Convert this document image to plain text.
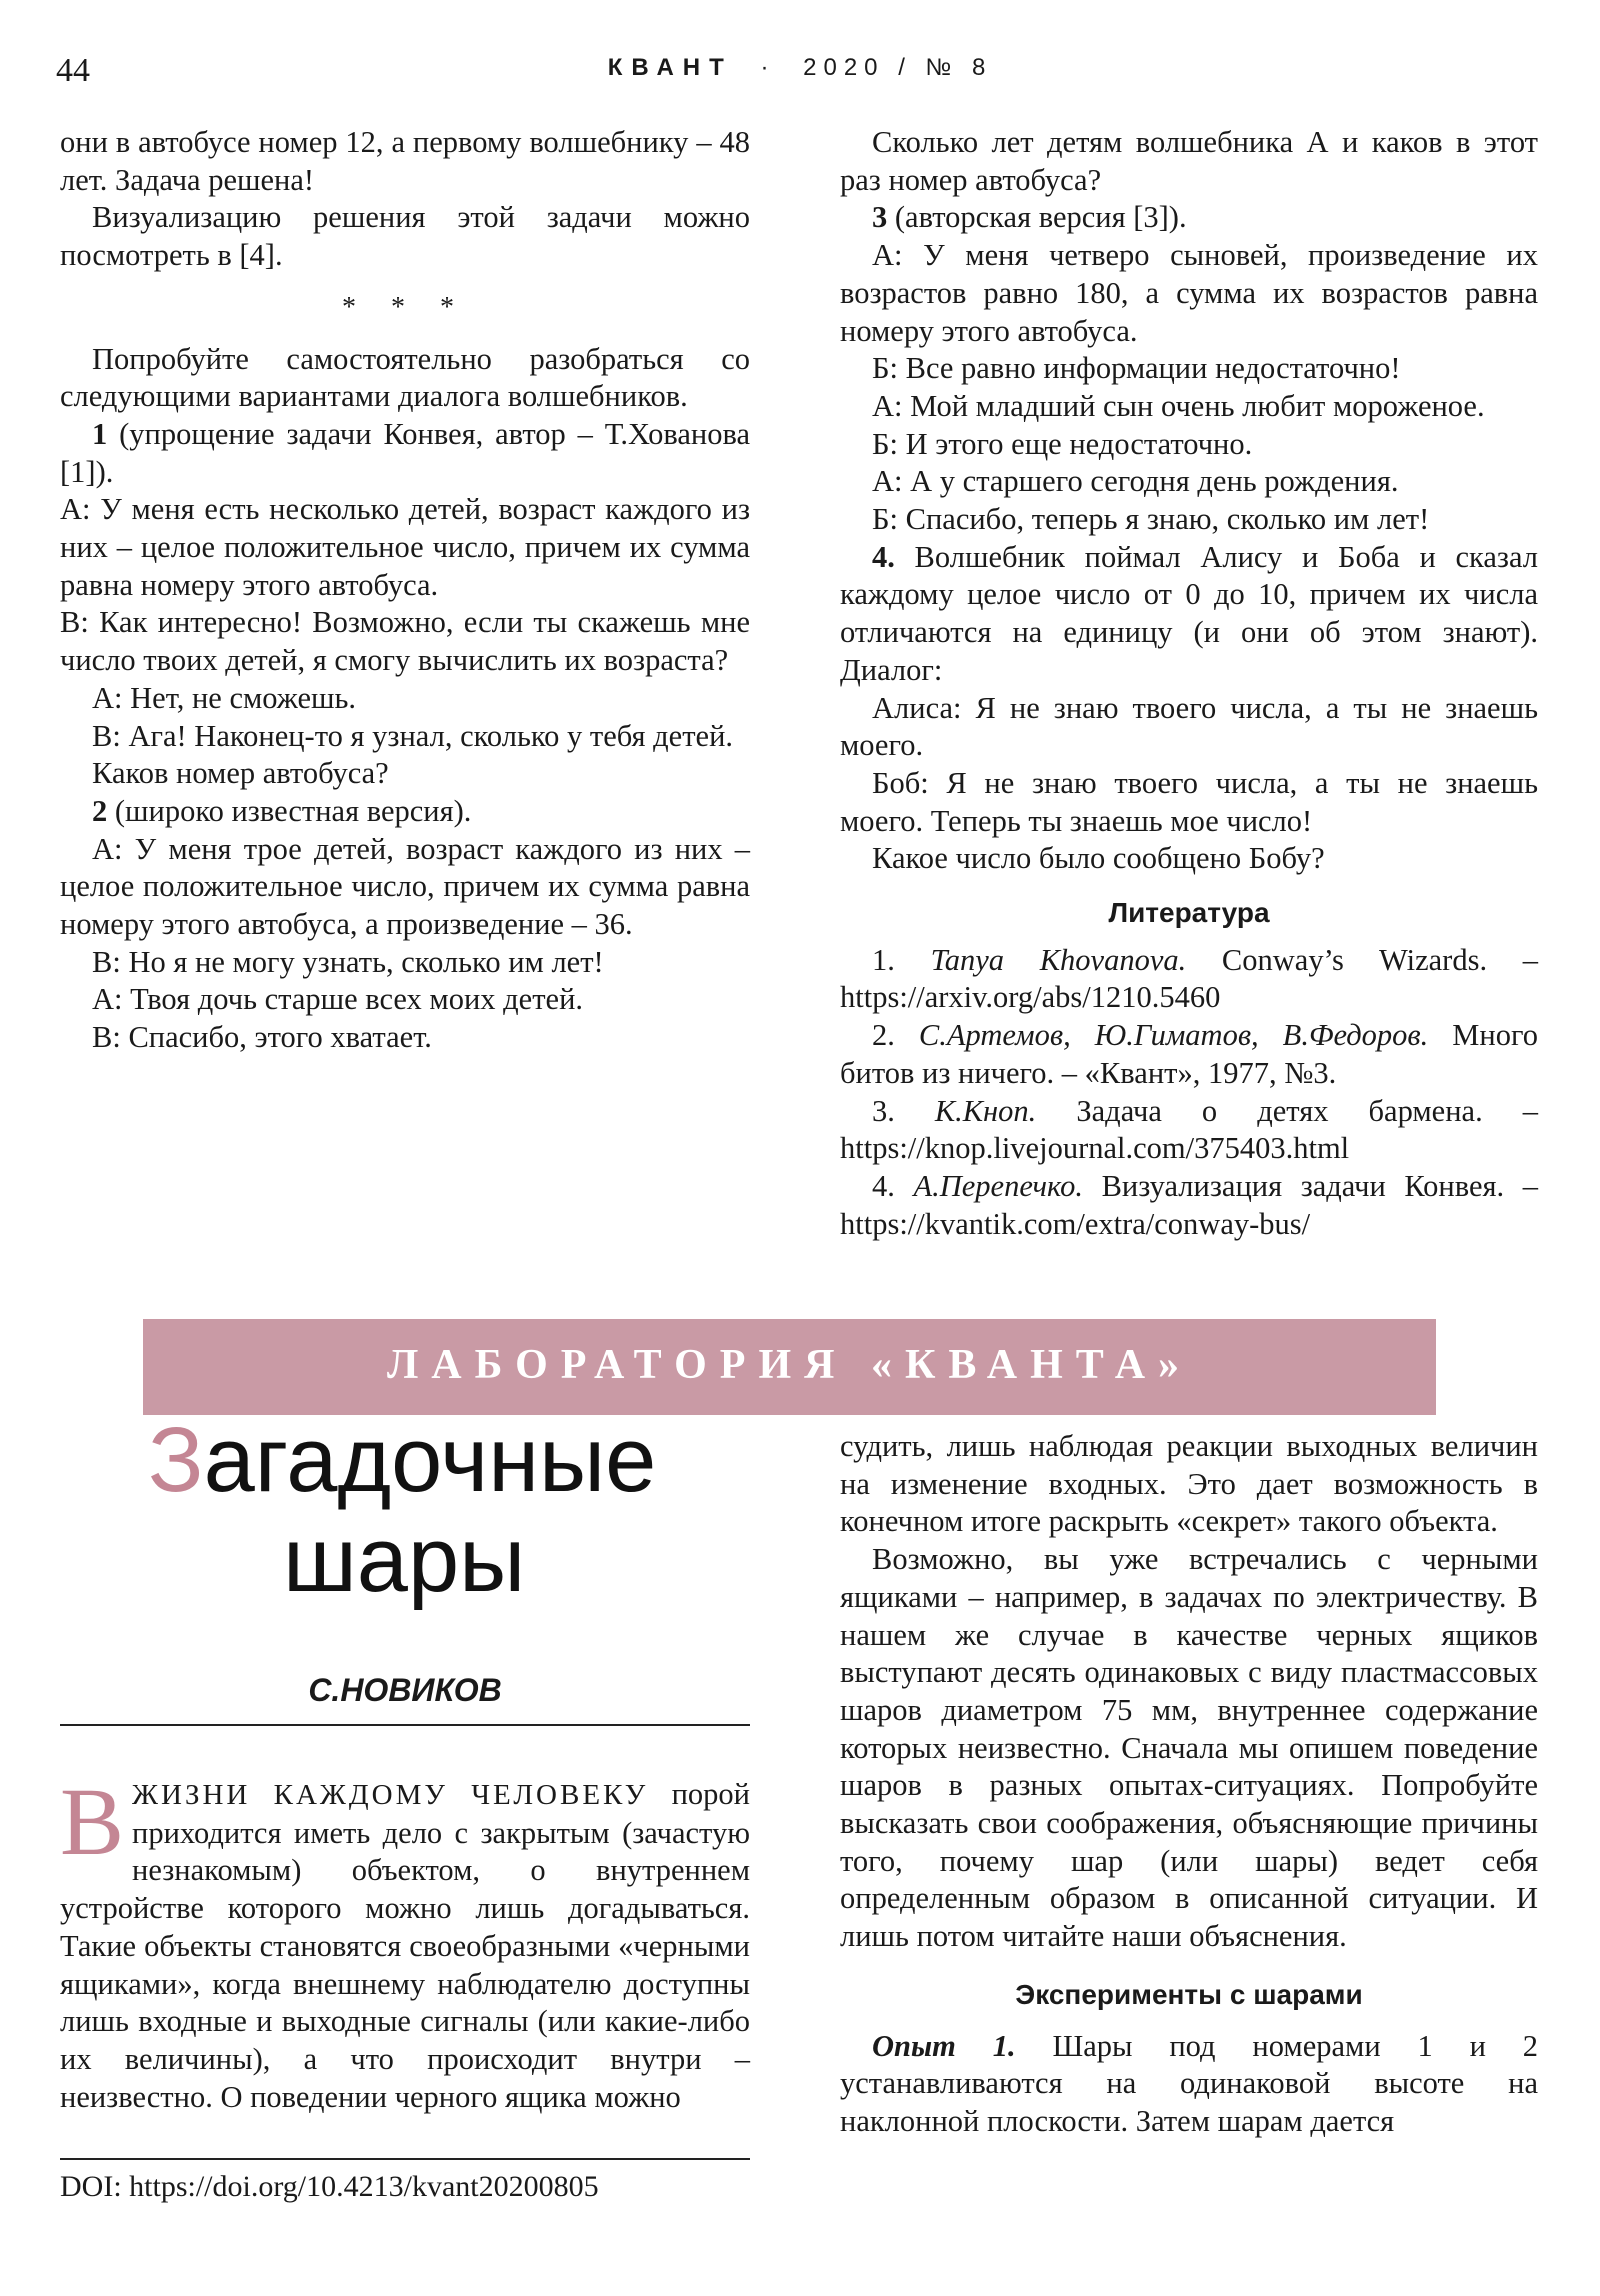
44	КВАНТ · 2020 / № 8

они в автобусе номер 12, а первому волшебнику – 48 лет. Задача решена!

Визуализацию решения этой задачи можно посмотреть в [4].

* * *

Попробуйте самостоятельно разобраться со следующими вариантами диалога волшебников.

1 (упрощение задачи Конвея, автор – Т.Хованова [1]).

А: У меня есть несколько детей, возраст каждого из них – целое положительное число, причем их сумма равна номеру этого автобуса.

В: Как интересно! Возможно, если ты скажешь мне число твоих детей, я смогу вычислить их возраста?

А: Нет, не сможешь.

В: Ага! Наконец-то я узнал, сколько у тебя детей.

Каков номер автобуса?

2 (широко известная версия).

А: У меня трое детей, возраст каждого из них – целое положительное число, причем их сумма равна номеру этого автобуса, а произведение – 36.

В: Но я не могу узнать, сколько им лет!

А: Твоя дочь старше всех моих детей.

В: Спасибо, этого хватает.

Сколько лет детям волшебника А и каков в этот раз номер автобуса?

3 (авторская версия [3]).

А: У меня четверо сыновей, произведение их возрастов равно 180, а сумма их возрастов равна номеру этого автобуса.

Б: Все равно информации недостаточно!

А: Мой младший сын очень любит мороженое.

Б: И этого еще недостаточно.

А: А у старшего сегодня день рождения.

Б: Спасибо, теперь я знаю, сколько им лет!

4. Волшебник поймал Алису и Боба и сказал каждому целое число от 0 до 10, причем их числа отличаются на единицу (и они об этом знают). Диалог:

Алиса: Я не знаю твоего числа, а ты не знаешь моего.

Боб: Я не знаю твоего числа, а ты не знаешь моего. Теперь ты знаешь мое число!

Какое число было сообщено Бобу?

Литература

1. Tanya Khovanova. Conway’s Wizards. – https://arxiv.org/abs/1210.5460

2. С.Артемов, Ю.Гиматов, В.Федоров. Много битов из ничего. – «Квант», 1977, №3.

3. К.Кноп. Задача о детях бармена. – https://knop.livejournal.com/375403.html

4. А.Перепечко. Визуализация задачи Конвея. – https://kvantik.com/extra/conway-bus/

ЛАБОРАТОРИЯ «КВАНТА»
Загадочные
шары
С.НОВИКОВ

В ЖИЗНИ КАЖДОМУ ЧЕЛОВЕКУ порой приходится иметь дело с закрытым (зачастую незнакомым) объектом, о внутреннем устройстве которого можно лишь догадываться. Такие объекты становятся своеобразными «черными ящиками», когда внешнему наблюдателю доступны лишь входные и выходные сигналы (или какие-либо их величины), а что происходит внутри – неизвестно. О поведении черного ящика можно

DOI: https://doi.org/10.4213/kvant20200805

судить, лишь наблюдая реакции выходных величин на изменение входных. Это дает возможность в конечном итоге раскрыть «секрет» такого объекта.

Возможно, вы уже встречались с черными ящиками – например, в задачах по электричеству. В нашем же случае в качестве черных ящиков выступают десять одинаковых с виду пластмассовых шаров диаметром 75 мм, внутреннее содержание которых неизвестно. Сначала мы опишем поведение шаров в разных опытах-ситуациях. Попробуйте высказать свои соображения, объясняющие причины того, почему шар (или шары) ведет себя определенным образом в описанной ситуации. И лишь потом читайте наши объяснения.

Эксперименты с шарами

Опыт 1. Шары под номерами 1 и 2 устанавливаются на одинаковой высоте на наклонной плоскости. Затем шарам дается
